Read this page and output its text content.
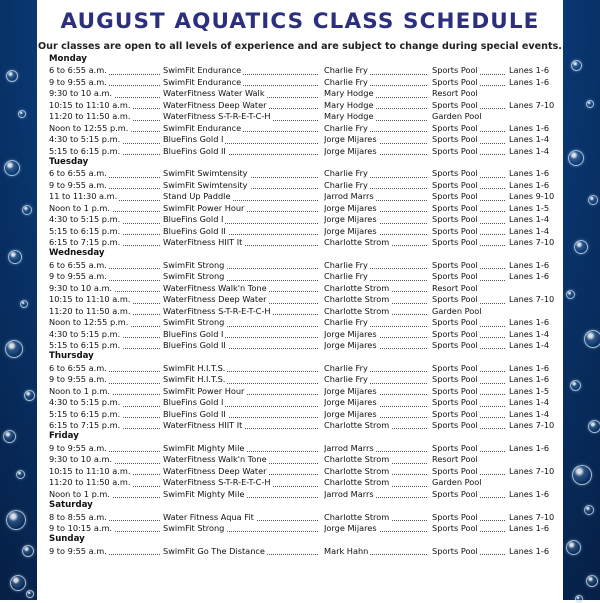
AUGUST AQUATICS CLASS SCHEDULE
Our classes are open to all levels of experience and are subject to change during special events.
Monday
6 to 6:55 a.m.	SwimFit Endurance	Charlie Fry	Sports Pool	Lanes 1-6
9 to 9:55 a.m.	SwimFit Endurance	Charlie Fry	Sports Pool	Lanes 1-6
9:30 to 10 a.m.	WaterFitness Water Walk	Mary Hodge	Resort Pool
10:15 to 11:10 a.m.	WaterFitness Deep Water	Mary Hodge	Sports Pool	Lanes 7-10
11:20 to 11:50 a.m.	WaterFitness S-T-R-E-T-C-H	Mary Hodge	Garden Pool
Noon to 12:55 p.m.	SwimFit Endurance	Charlie Fry	Sports Pool	Lanes 1-6
4:30 to 5:15 p.m.	BlueFins Gold I	Jorge Mijares	Sports Pool	Lanes 1-4
5:15 to 6:15 p.m.	BlueFins Gold II	Jorge Mijares	Sports Pool	Lanes 1-4
Tuesday
6 to 6:55 a.m.	SwimFit Swimtensity	Charlie Fry	Sports Pool	Lanes 1-6
9 to 9:55 a.m.	SwimFit Swimtensity	Charlie Fry	Sports Pool	Lanes 1-6
11 to 11:30 a.m.	Stand Up Paddle	Jarrod Marrs	Sports Pool	Lanes 9-10
Noon to 1 p.m.	SwimFit Power Hour	Jorge Mijares	Sports Pool	Lanes 1-5
4:30 to 5:15 p.m.	BlueFins Gold I	Jorge Mijares	Sports Pool	Lanes 1-4
5:15 to 6:15 p.m.	BlueFins Gold II	Jorge Mijares	Sports Pool	Lanes 1-4
6:15 to 7:15 p.m.	WaterFitness HIIT It	Charlotte Strom	Sports Pool	Lanes 7-10
Wednesday
6 to 6:55 a.m.	SwimFit Strong	Charlie Fry	Sports Pool	Lanes 1-6
9 to 9:55 a.m.	SwimFit Strong	Charlie Fry	Sports Pool	Lanes 1-6
9:30 to 10 a.m.	WaterFitness Walk'n Tone	Charlotte Strom	Resort Pool
10:15 to 11:10 a.m.	WaterFitness Deep Water	Charlotte Strom	Sports Pool	Lanes 7-10
11:20 to 11:50 a.m.	WaterFitness S-T-R-E-T-C-H	Charlotte Strom	Garden Pool
Noon to 12:55 p.m.	SwimFit Strong	Charlie Fry	Sports Pool	Lanes 1-6
4:30 to 5:15 p.m.	BlueFins Gold I	Jorge Mijares	Sports Pool	Lanes 1-4
5:15 to 6:15 p.m.	BlueFins Gold II	Jorge Mijares	Sports Pool	Lanes 1-4
Thursday
6 to 6:55 a.m.	SwimFit H.I.T.S.	Charlie Fry	Sports Pool	Lanes 1-6
9 to 9:55 a.m.	SwimFit H.I.T.S.	Charlie Fry	Sports Pool	Lanes 1-6
Noon to 1 p.m.	SwimFit Power Hour	Jorge Mijares	Sports Pool	Lanes 1-5
4:30 to 5:15 p.m.	BlueFins Gold I	Jorge Mijares	Sports Pool	Lanes 1-4
5:15 to 6:15 p.m.	BlueFins Gold II	Jorge Mijares	Sports Pool	Lanes 1-4
6:15 to 7:15 p.m.	WaterFitness HIIT It	Charlotte Strom	Sports Pool	Lanes 7-10
Friday
9 to 9:55 a.m.	SwimFit Mighty Mile	Jarrod Marrs	Sports Pool	Lanes 1-6
9:30 to 10 a.m.	WaterFitness Walk'n Tone	Charlotte Strom	Resort Pool
10:15 to 11:10 a.m.	WaterFitness Deep Water	Charlotte Strom	Sports Pool	Lanes 7-10
11:20 to 11:50 a.m.	WaterFitness S-T-R-E-T-C-H	Charlotte Strom	Garden Pool
Noon to 1 p.m.	SwimFit Mighty Mile	Jarrod Marrs	Sports Pool	Lanes 1-6
Saturday
8 to 8:55 a.m.	Water Fitness Aqua Fit	Charlotte Strom	Sports Pool	Lanes 7-10
9 to 10:15 a.m.	SwimFit Strong	Jorge Mijares	Sports Pool	Lanes 1-6
Sunday
9 to 9:55 a.m.	SwimFit Go The Distance	Mark Hahn	Sports Pool	Lanes 1-6
